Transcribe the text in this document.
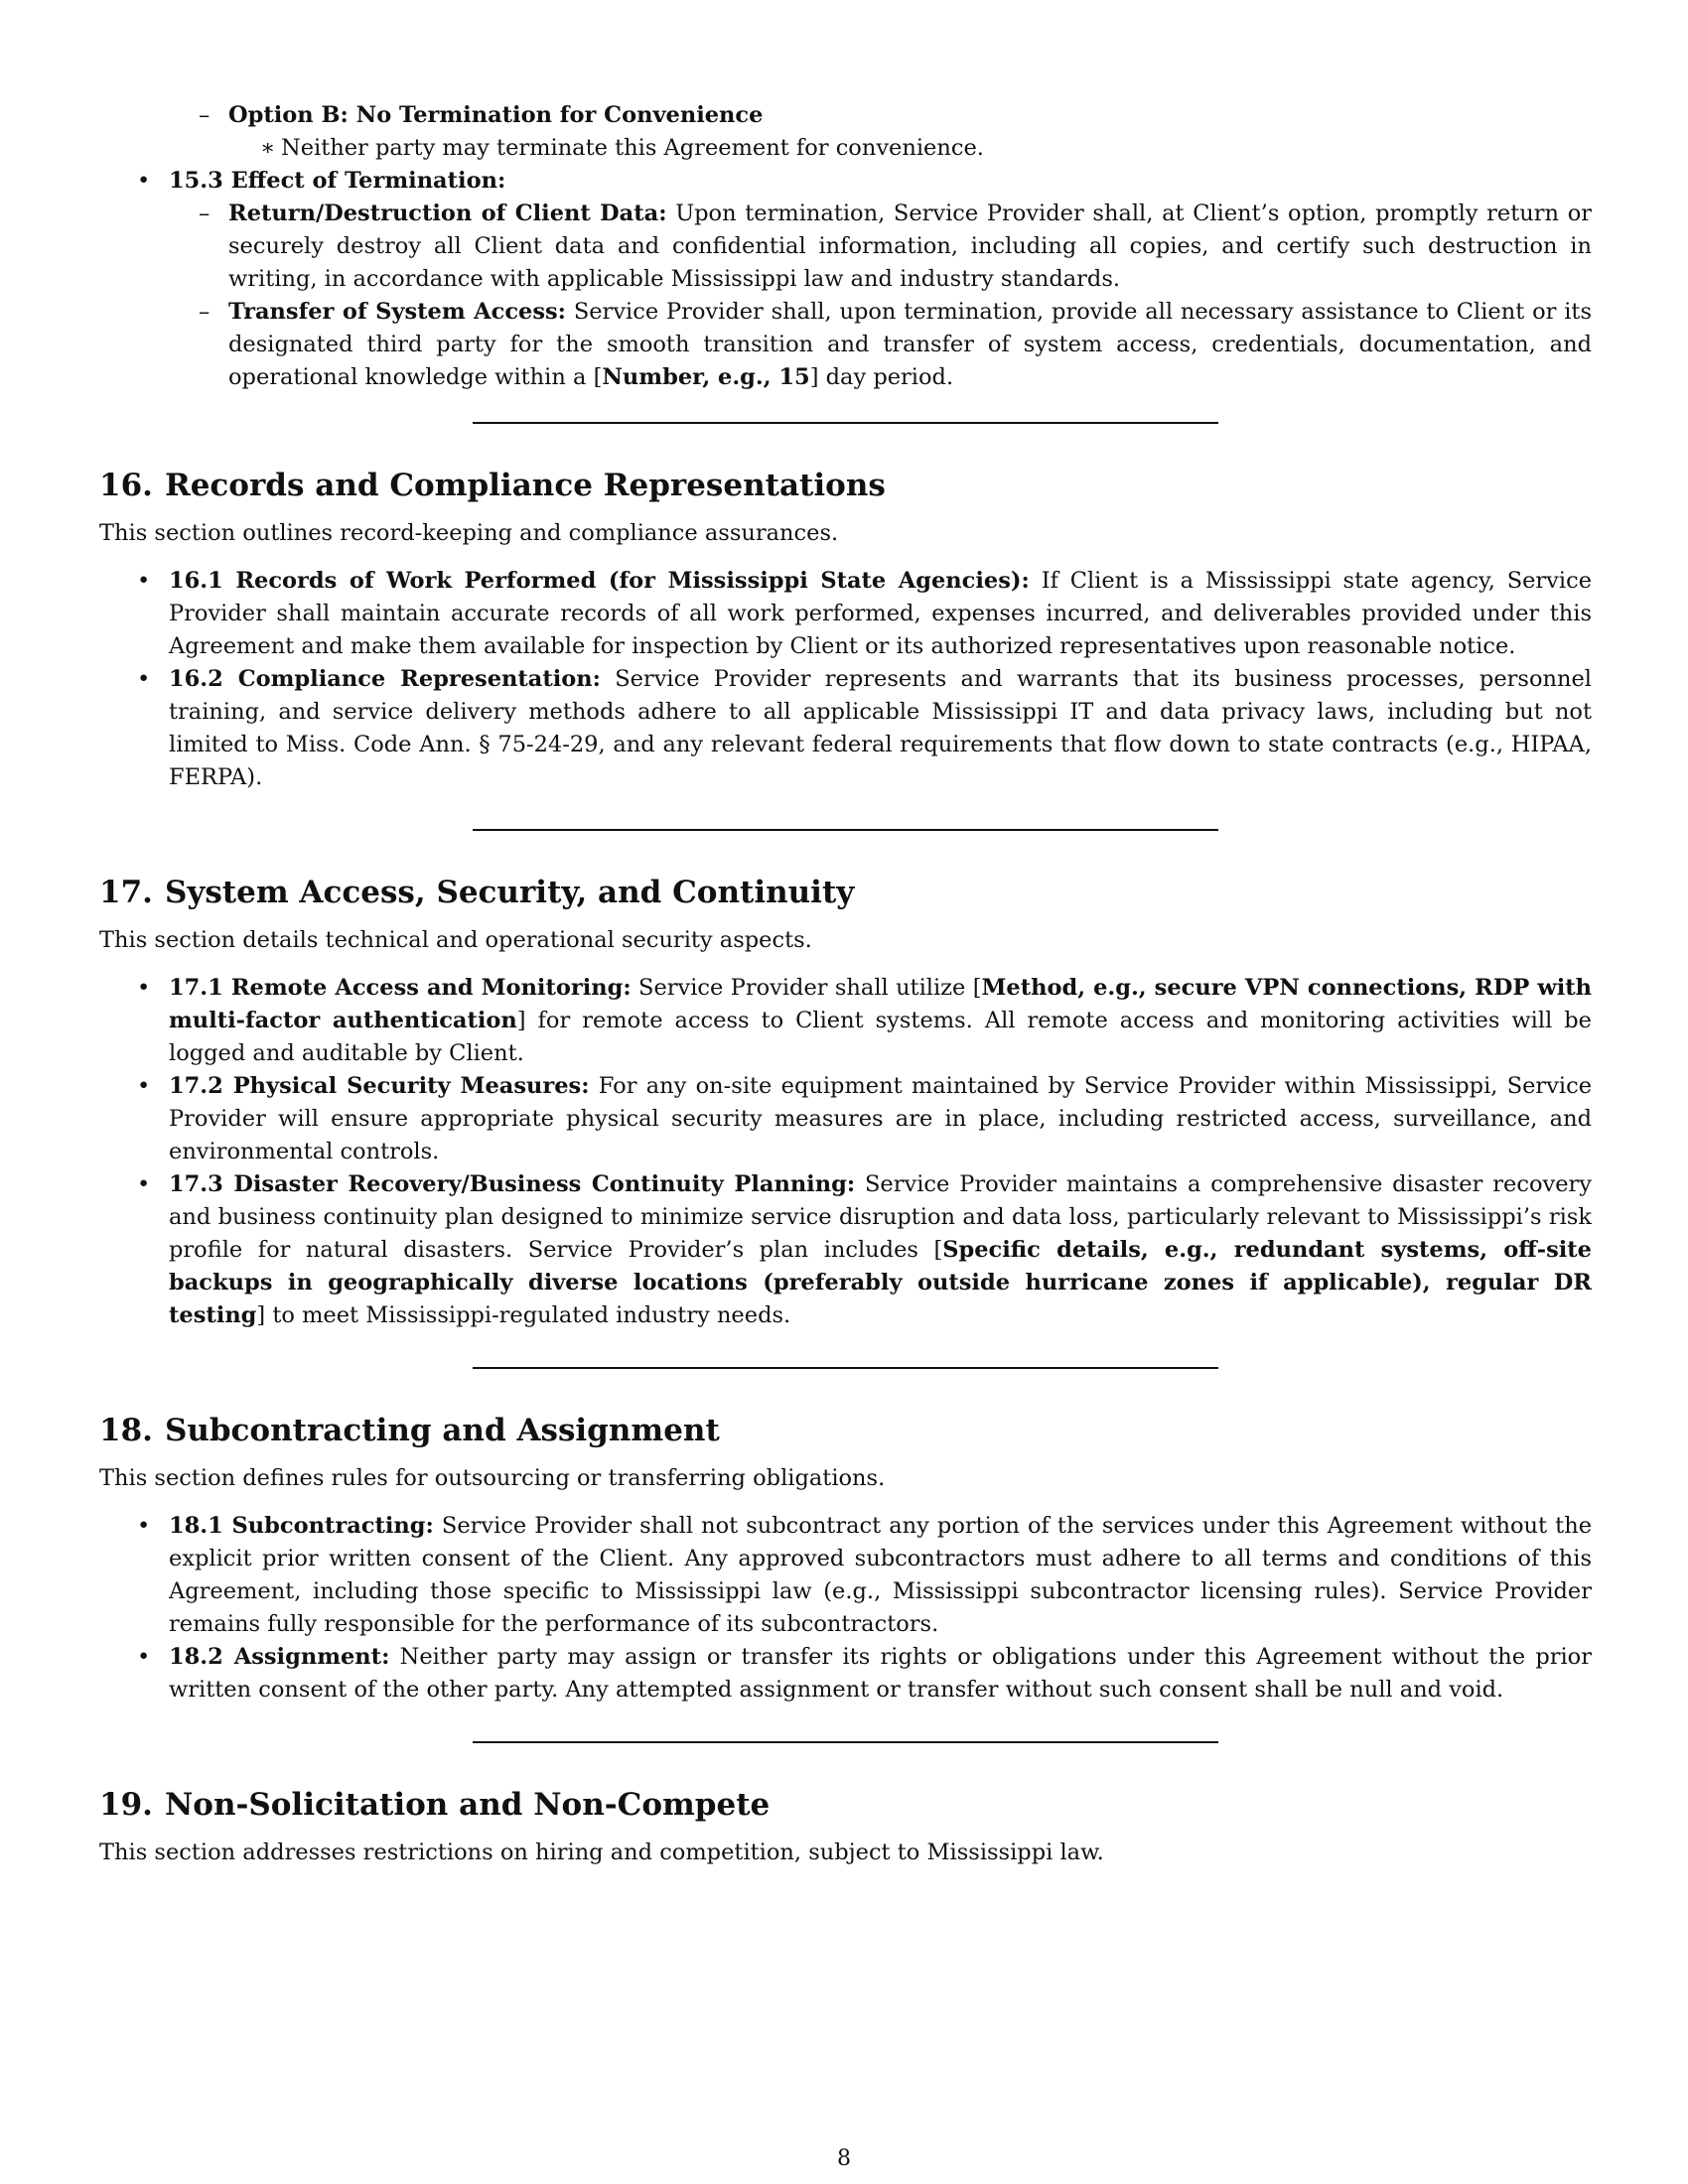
– Option B: No Termination for Convenience
∗ Neither party may terminate this Agreement for convenience.
• 15.3 Effect of Termination:
– Return/Destruction of Client Data: Upon termination, Service Provider shall, at Client’s option, promptly return or securely destroy all Client data and confidential information, including all copies, and certify such destruction in writing, in accordance with applicable Mississippi law and industry standards.
– Transfer of System Access: Service Provider shall, upon termination, provide all necessary assistance to Client or its designated third party for the smooth transition and transfer of system access, credentials, documentation, and operational knowledge within a [Number, e.g., 15] day period.
16. Records and Compliance Representations

This section outlines record-keeping and compliance assurances.

• 16.1 Records of Work Performed (for Mississippi State Agencies): If Client is a Mississippi state agency, Service Provider shall maintain accurate records of all work performed, expenses incurred, and deliverables provided under this Agreement and make them available for inspection by Client or its authorized representatives upon reasonable notice.
• 16.2 Compliance Representation: Service Provider represents and warrants that its business processes, personnel training, and service delivery methods adhere to all applicable Mississippi IT and data privacy laws, including but not limited to Miss. Code Ann. § 75-24-29, and any relevant federal requirements that flow down to state contracts (e.g., HIPAA, FERPA).
17. System Access, Security, and Continuity

This section details technical and operational security aspects.

• 17.1 Remote Access and Monitoring: Service Provider shall utilize [Method, e.g., secure VPN connections, RDP with multi-factor authentication] for remote access to Client systems. All remote access and monitoring activities will be logged and auditable by Client.
• 17.2 Physical Security Measures: For any on-site equipment maintained by Service Provider within Mississippi, Service Provider will ensure appropriate physical security measures are in place, including restricted access, surveillance, and environmental controls.
• 17.3 Disaster Recovery/Business Continuity Planning: Service Provider maintains a comprehensive disaster recovery and business continuity plan designed to minimize service disruption and data loss, particularly relevant to Mississippi’s risk profile for natural disasters. Service Provider’s plan includes [Specific details, e.g., redundant systems, off-site backups in geographically diverse locations (preferably outside hurricane zones if applicable), regular DR testing] to meet Mississippi-regulated industry needs.
18. Subcontracting and Assignment

This section defines rules for outsourcing or transferring obligations.

• 18.1 Subcontracting: Service Provider shall not subcontract any portion of the services under this Agreement without the explicit prior written consent of the Client. Any approved subcontractors must adhere to all terms and conditions of this Agreement, including those specific to Mississippi law (e.g., Mississippi subcontractor licensing rules). Service Provider remains fully responsible for the performance of its subcontractors.
• 18.2 Assignment: Neither party may assign or transfer its rights or obligations under this Agreement without the prior written consent of the other party. Any attempted assignment or transfer without such consent shall be null and void.
19. Non-Solicitation and Non-Compete

This section addresses restrictions on hiring and competition, subject to Mississippi law.

8
